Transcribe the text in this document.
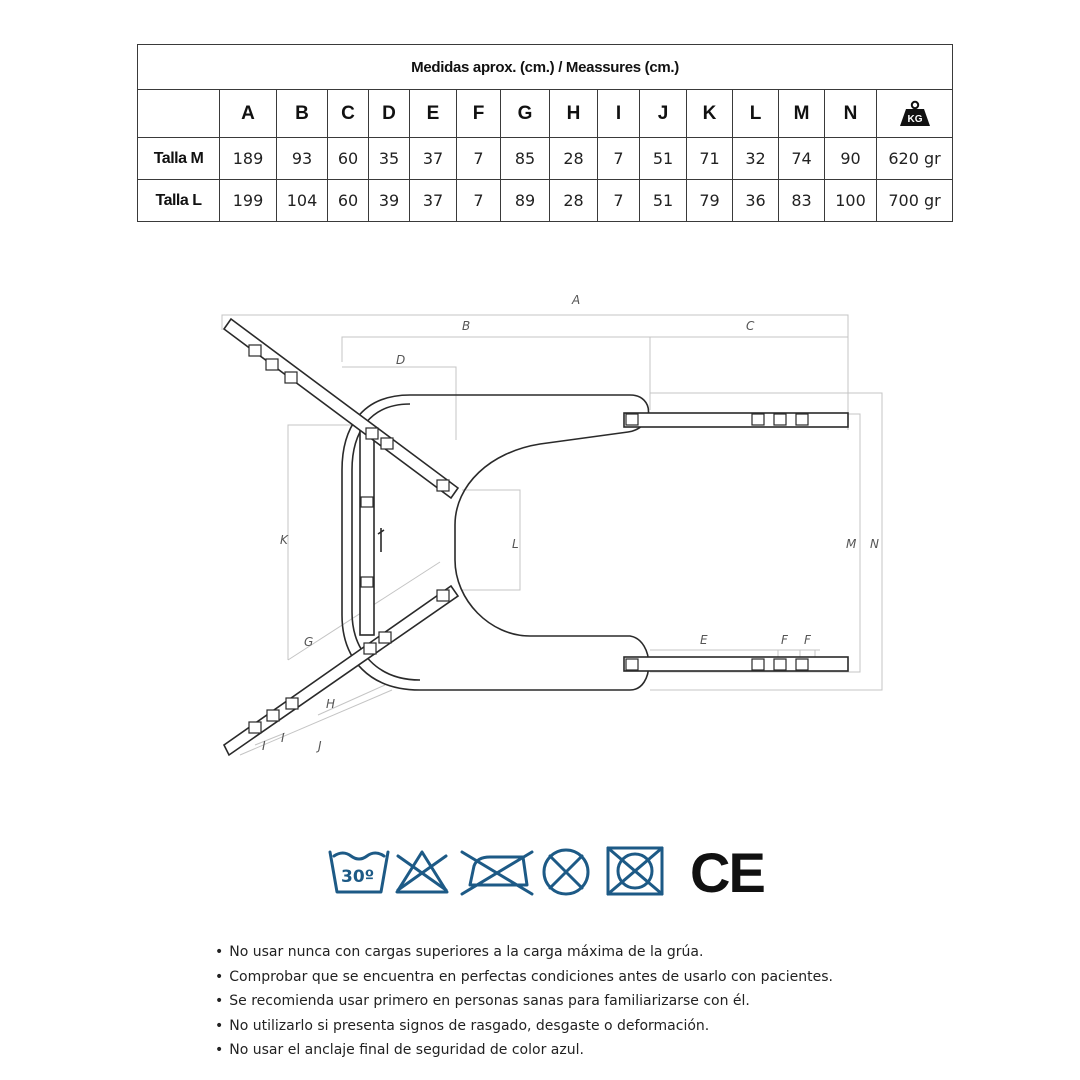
Medidas aprox. (cm.) / Meassures (cm.)															
	A	B	C	D	E	F	G	H	I	J	K	L	M	N	KG

Talla M	189	93	60	35	37	7	85	28	7	51	71	32	74	90	620 gr
Talla L	199	104	60	39	37	7	89	28	7	51	79	36	83	100	700 gr
A
B	C
D
E	F F
G
H
I
I
J
K	L	M N
30º	CE
• No usar nunca con cargas superiores a la carga máxima de la grúa.
• Comprobar que se encuentra en perfectas condiciones antes de usarlo con pacientes.
• Se recomienda usar primero en personas sanas para familiarizarse con él.
• No utilizarlo si presenta signos de rasgado, desgaste o deformación.
• No usar el anclaje final de seguridad de color azul.
